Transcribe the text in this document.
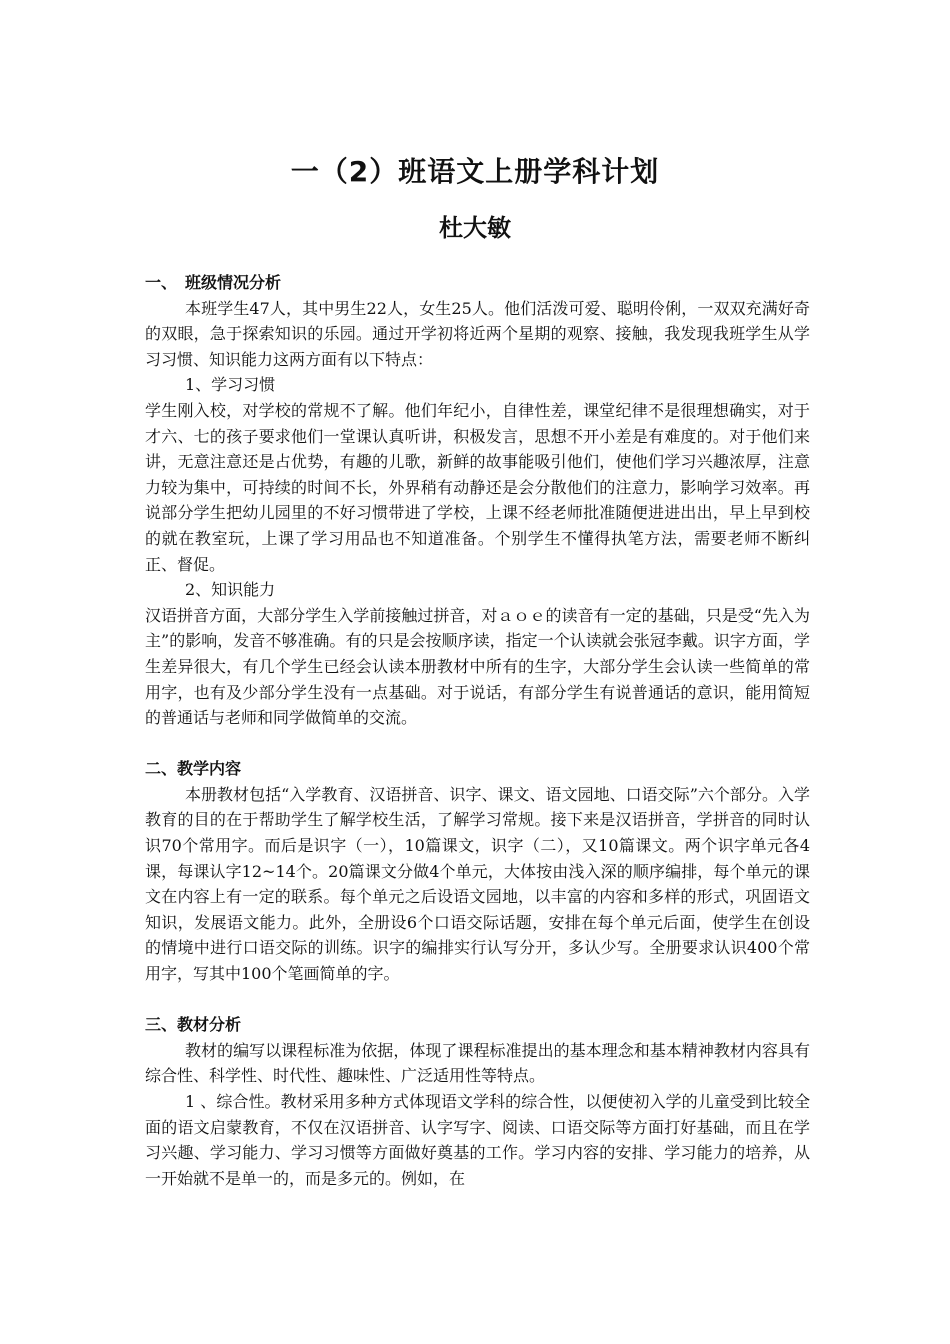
一（2）班语文上册学科计划
杜大敏

一、　班级情况分析

本班学生47人，其中男生22人，女生25人。他们活泼可爱、聪明伶俐，一双双充满好奇的双眼，急于探索知识的乐园。通过开学初将近两个星期的观察、接触，我发现我班学生从学习习惯、知识能力这两方面有以下特点：

1、学习习惯

学生刚入校，对学校的常规不了解。他们年纪小，自律性差，课堂纪律不是很理想确实，对于才六、七的孩子要求他们一堂课认真听讲，积极发言，思想不开小差是有难度的。对于他们来讲，无意注意还是占优势，有趣的儿歌，新鲜的故事能吸引他们，使他们学习兴趣浓厚，注意力较为集中，可持续的时间不长，外界稍有动静还是会分散他们的注意力，影响学习效率。再说部分学生把幼儿园里的不好习惯带进了学校，上课不经老师批准随便进进出出，早上早到校的就在教室玩，上课了学习用品也不知道准备。个别学生不懂得执笔方法，需要老师不断纠正、督促。

2、知识能力

汉语拼音方面，大部分学生入学前接触过拼音，对ａｏｅ的读音有一定的基础，只是受“先入为主”的影响，发音不够准确。有的只是会按顺序读，指定一个认读就会张冠李戴。识字方面，学生差异很大，有几个学生已经会认读本册教材中所有的生字，大部分学生会认读一些简单的常用字，也有及少部分学生没有一点基础。对于说话，有部分学生有说普通话的意识，能用简短的普通话与老师和同学做简单的交流。

二、教学内容

本册教材包括“入学教育、汉语拼音、识字、课文、语文园地、口语交际”六个部分。入学教育的目的在于帮助学生了解学校生活，了解学习常规。接下来是汉语拼音，学拼音的同时认识70个常用字。而后是识字（一），10篇课文，识字（二），又10篇课文。两个识字单元各4课，每课认字12~14个。20篇课文分做4个单元，大体按由浅入深的顺序编排，每个单元的课文在内容上有一定的联系。每个单元之后设语文园地，以丰富的内容和多样的形式，巩固语文知识，发展语文能力。此外，全册设6个口语交际话题，安排在每个单元后面，使学生在创设的情境中进行口语交际的训练。识字的编排实行认写分开，多认少写。全册要求认识400个常用字，写其中100个笔画简单的字。

三、教材分析

教材的编写以课程标准为依据，体现了课程标准提出的基本理念和基本精神教材内容具有综合性、科学性、时代性、趣味性、广泛适用性等特点。

1 、综合性。教材采用多种方式体现语文学科的综合性，以便使初入学的儿童受到比较全面的语文启蒙教育，不仅在汉语拼音、认字写字、阅读、口语交际等方面打好基础，而且在学习兴趣、学习能力、学习习惯等方面做好奠基的工作。学习内容的安排、学习能力的培养，从一开始就不是单一的，而是多元的。例如，在
